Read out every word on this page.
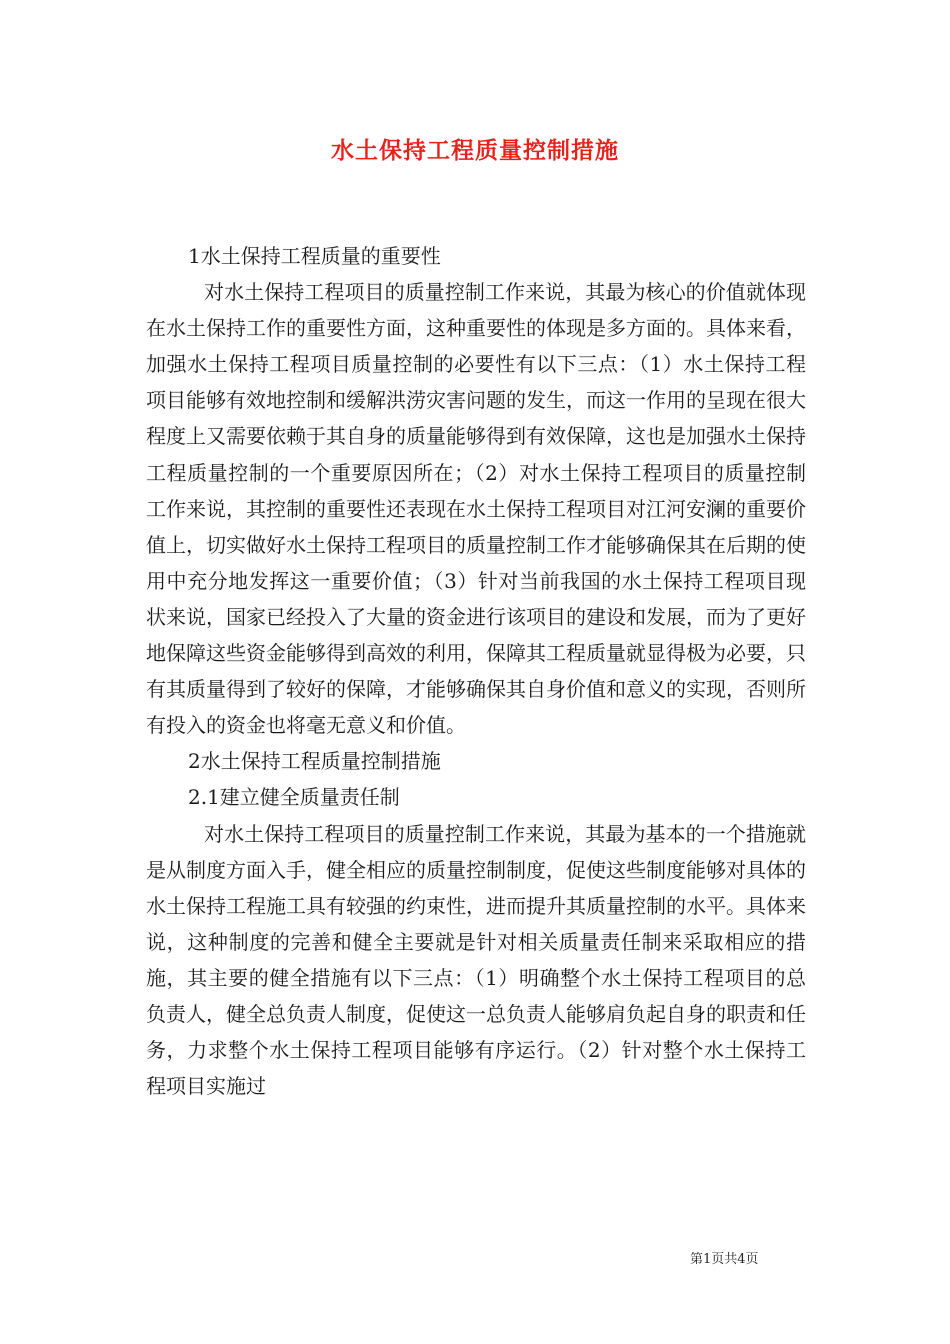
水土保持工程质量控制措施

1水土保持工程质量的重要性

对水土保持工程项目的质量控制工作来说，其最为核心的价值就体现在水土保持工作的重要性方面，这种重要性的体现是多方面的。具体来看，加强水土保持工程项目质量控制的必要性有以下三点：（1）水土保持工程项目能够有效地控制和缓解洪涝灾害问题的发生，而这一作用的呈现在很大程度上又需要依赖于其自身的质量能够得到有效保障，这也是加强水土保持工程质量控制的一个重要原因所在；（2）对水土保持工程项目的质量控制工作来说，其控制的重要性还表现在水土保持工程项目对江河安澜的重要价值上，切实做好水土保持工程项目的质量控制工作才能够确保其在后期的使用中充分地发挥这一重要价值；（3）针对当前我国的水土保持工程项目现状来说，国家已经投入了大量的资金进行该项目的建设和发展，而为了更好地保障这些资金能够得到高效的利用，保障其工程质量就显得极为必要，只有其质量得到了较好的保障，才能够确保其自身价值和意义的实现，否则所有投入的资金也将毫无意义和价值。

2水土保持工程质量控制措施

2.1建立健全质量责任制

对水土保持工程项目的质量控制工作来说，其最为基本的一个措施就是从制度方面入手，健全相应的质量控制制度，促使这些制度能够对具体的水土保持工程施工具有较强的约束性，进而提升其质量控制的水平。具体来说，这种制度的完善和健全主要就是针对相关质量责任制来采取相应的措施，其主要的健全措施有以下三点：（1）明确整个水土保持工程项目的总负责人，健全总负责人制度，促使这一总负责人能够肩负起自身的职责和任务，力求整个水土保持工程项目能够有序运行。（2）针对整个水土保持工程项目实施过

第1页共4页
